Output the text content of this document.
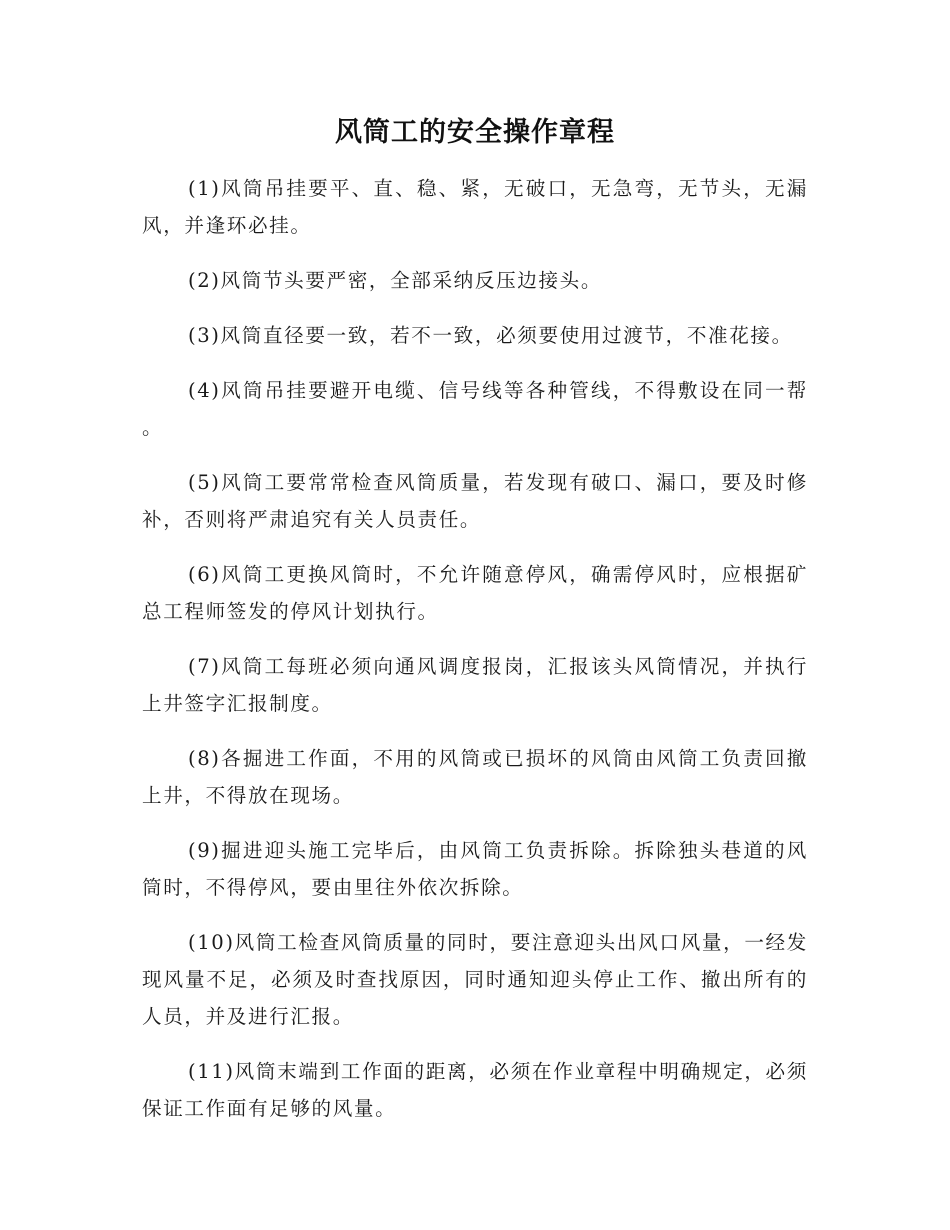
风筒工的安全操作章程

(1)风筒吊挂要平、直、稳、紧，无破口，无急弯，无节头，无漏风，并逢环必挂。

(2)风筒节头要严密，全部采纳反压边接头。

(3)风筒直径要一致，若不一致，必须要使用过渡节，不准花接。

(4)风筒吊挂要避开电缆、信号线等各种管线，不得敷设在同一帮。

(5)风筒工要常常检查风筒质量，若发现有破口、漏口，要及时修补，否则将严肃追究有关人员责任。

(6)风筒工更换风筒时，不允许随意停风，确需停风时，应根据矿总工程师签发的停风计划执行。

(7)风筒工每班必须向通风调度报岗，汇报该头风筒情况，并执行上井签字汇报制度。

(8)各掘进工作面，不用的风筒或已损坏的风筒由风筒工负责回撤上井，不得放在现场。

(9)掘进迎头施工完毕后，由风筒工负责拆除。拆除独头巷道的风筒时，不得停风，要由里往外依次拆除。

(10)风筒工检查风筒质量的同时，要注意迎头出风口风量，一经发现风量不足，必须及时查找原因，同时通知迎头停止工作、撤出所有的人员，并及进行汇报。

(11)风筒末端到工作面的距离，必须在作业章程中明确规定，必须保证工作面有足够的风量。
